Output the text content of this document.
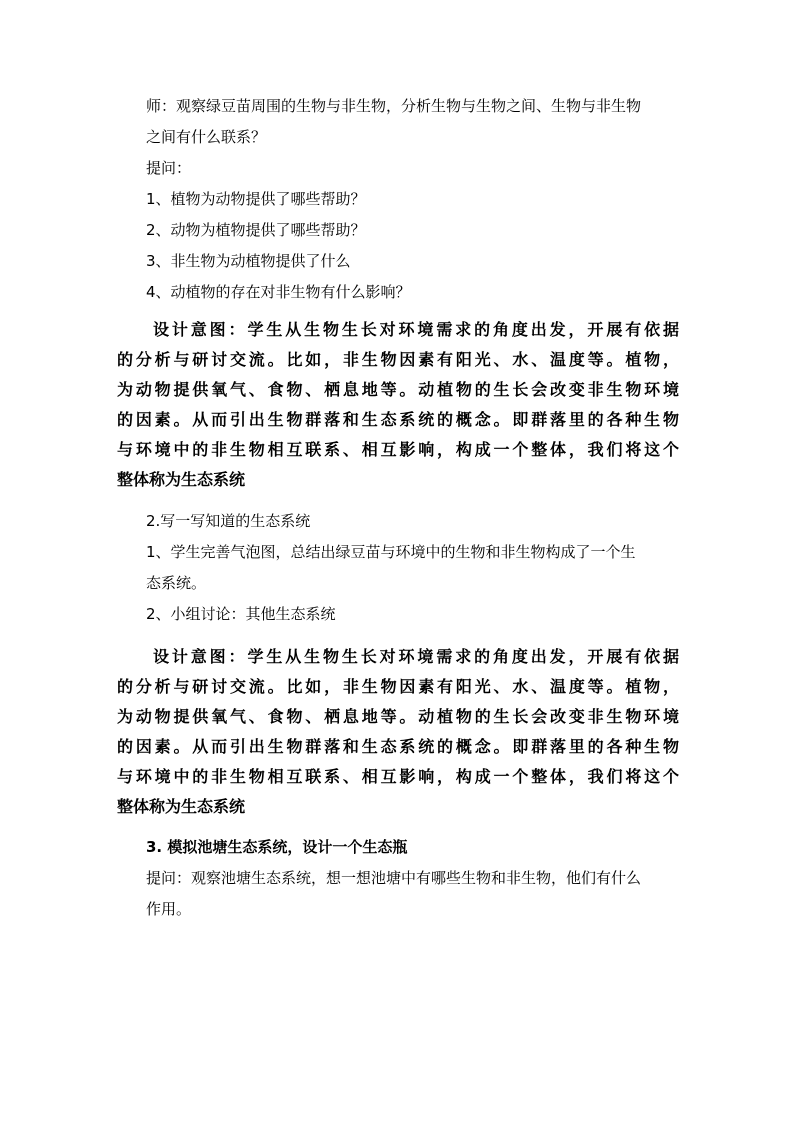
师：观察绿豆苗周围的生物与非生物，分析生物与生物之间、生物与非生物

之间有什么联系？

提问：

1、植物为动物提供了哪些帮助？

2、动物为植物提供了哪些帮助？

3、非生物为动植物提供了什么

4、动植物的存在对非生物有什么影响？

设计意图：学生从生物生长对环境需求的角度出发，开展有依据

的分析与研讨交流。比如，非生物因素有阳光、水、温度等。植物，

为动物提供氧气、食物、栖息地等。动植物的生长会改变非生物环境

的因素。从而引出生物群落和生态系统的概念。即群落里的各种生物

与环境中的非生物相互联系、相互影响，构成一个整体，我们将这个

整体称为生态系统

2.写一写知道的生态系统

1、学生完善气泡图，总结出绿豆苗与环境中的生物和非生物构成了一个生

态系统。

2、小组讨论：其他生态系统

设计意图：学生从生物生长对环境需求的角度出发，开展有依据

的分析与研讨交流。比如，非生物因素有阳光、水、温度等。植物，

为动物提供氧气、食物、栖息地等。动植物的生长会改变非生物环境

的因素。从而引出生物群落和生态系统的概念。即群落里的各种生物

与环境中的非生物相互联系、相互影响，构成一个整体，我们将这个

整体称为生态系统

3. 模拟池塘生态系统，设计一个生态瓶

提问：观察池塘生态系统，想一想池塘中有哪些生物和非生物，他们有什么

作用。
